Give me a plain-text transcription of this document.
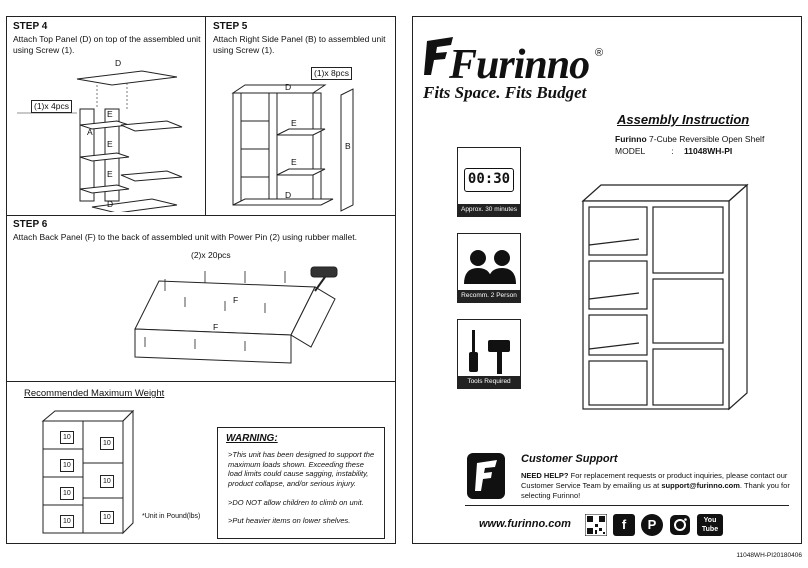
STEP 4
Attach Top Panel (D) on top of the assembled unit using Screw (1).
D
A
E
E
E
D
(1)x 4pcs
STEP 5
Attach Right Side Panel (B) to assembled unit using Screw (1).
(1)x 8pcs
D
E
E
D
B
STEP 6
Attach Back Panel (F) to the back of assembled unit with Power Pin (2) using rubber mallet.
(2)x 20pcs
F
F
Recommended Maximum Weight
10
10
10
10
10
10
10	*Unit in Pound(lbs)
WARNING:
>This unit has been designed to support the maximum loads shown. Exceeding these load limits could cause sagging, instability, product collapse, and/or serious injury.
>DO NOT allow children to climb on unit.
>Put heavier items on lower shelves.
Furinno ®
Fits Space. Fits Budget
Assembly Instruction
Furinno 7-Cube Reversible Open Shelf
MODEL	: 11048WH-PI
00:30
Approx. 30 minutes
Recomm. 2 Person
Tools Required
Customer Support
NEED HELP? For replacement requests or product inquiries, please contact our Customer Service Team by emailing us at support@furinno.com. Thank you for selecting Furinno!
www.furinno.com	f	P	You Tube
11048WH-PI20180406
